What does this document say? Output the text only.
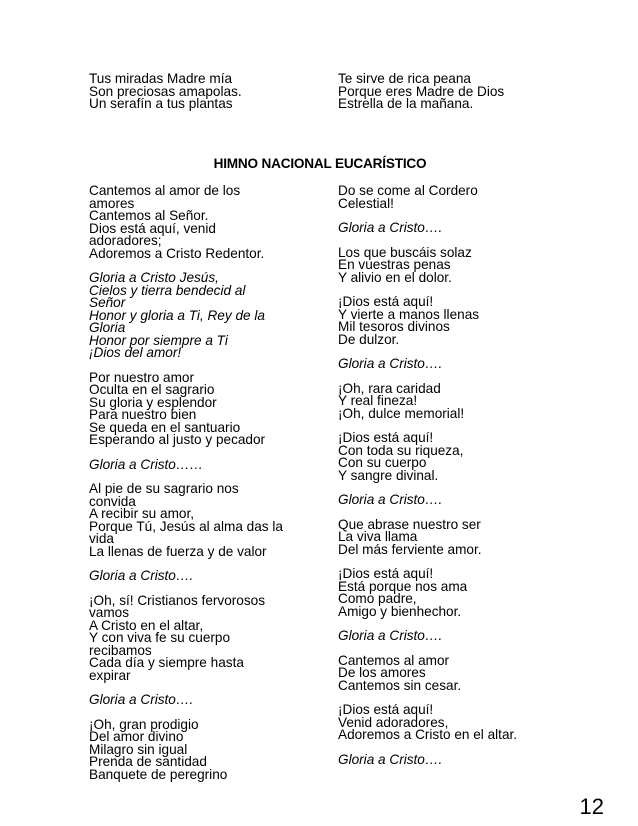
Tus miradas Madre mía

Son preciosas amapolas.

Un serafín a tus plantas

Te sirve de rica peana

Porque eres Madre de Dios

Estrella de la mañana.

HIMNO NACIONAL EUCARÍSTICO

Cantemos al amor de los

amores

Cantemos al Señor.

Dios está aquí, venid

adoradores;

Adoremos a Cristo Redentor.

Gloria a Cristo Jesús,

Cielos y tierra bendecid al

Señor

Honor y gloria a Ti, Rey de la

Gloria

Honor por siempre a Ti

¡Dios del amor!

Por nuestro amor

Oculta en el sagrario

Su gloria y esplendor

Para nuestro bien

Se queda en el santuario

Esperando al justo y pecador

Gloria a Cristo……

Al pie de su sagrario nos

convida

A recibir su amor,

Porque Tú, Jesús al alma das la

vida

La llenas de fuerza y de valor

Gloria a Cristo….

¡Oh, sí! Cristianos fervorosos

vamos

A Cristo en el altar,

Y con viva fe su cuerpo

recibamos

Cada día y siempre hasta

expirar

Gloria a Cristo….

¡Oh, gran prodigio

Del amor divino

Milagro sin igual

Prenda de santidad

Banquete de peregrino

Do se come al Cordero

Celestial!

Gloria a Cristo….

Los que buscáis solaz

En vuestras penas

Y alivio en el dolor.

¡Dios está aquí!

Y vierte a manos llenas

Mil tesoros divinos

De dulzor.

Gloria a Cristo….

¡Oh, rara caridad

Y real fineza!

¡Oh, dulce memorial!

¡Dios está aquí!

Con toda su riqueza,

Con su cuerpo

Y sangre divinal.

Gloria a Cristo….

Que abrase nuestro ser

La viva llama

Del más ferviente amor.

¡Dios está aquí!

Está porque nos ama

Como padre,

Amigo y bienhechor.

Gloria a Cristo….

Cantemos al amor

De los amores

Cantemos sin cesar.

¡Dios está aquí!

Venid adoradores,

Adoremos a Cristo en el altar.

Gloria a Cristo….

12
